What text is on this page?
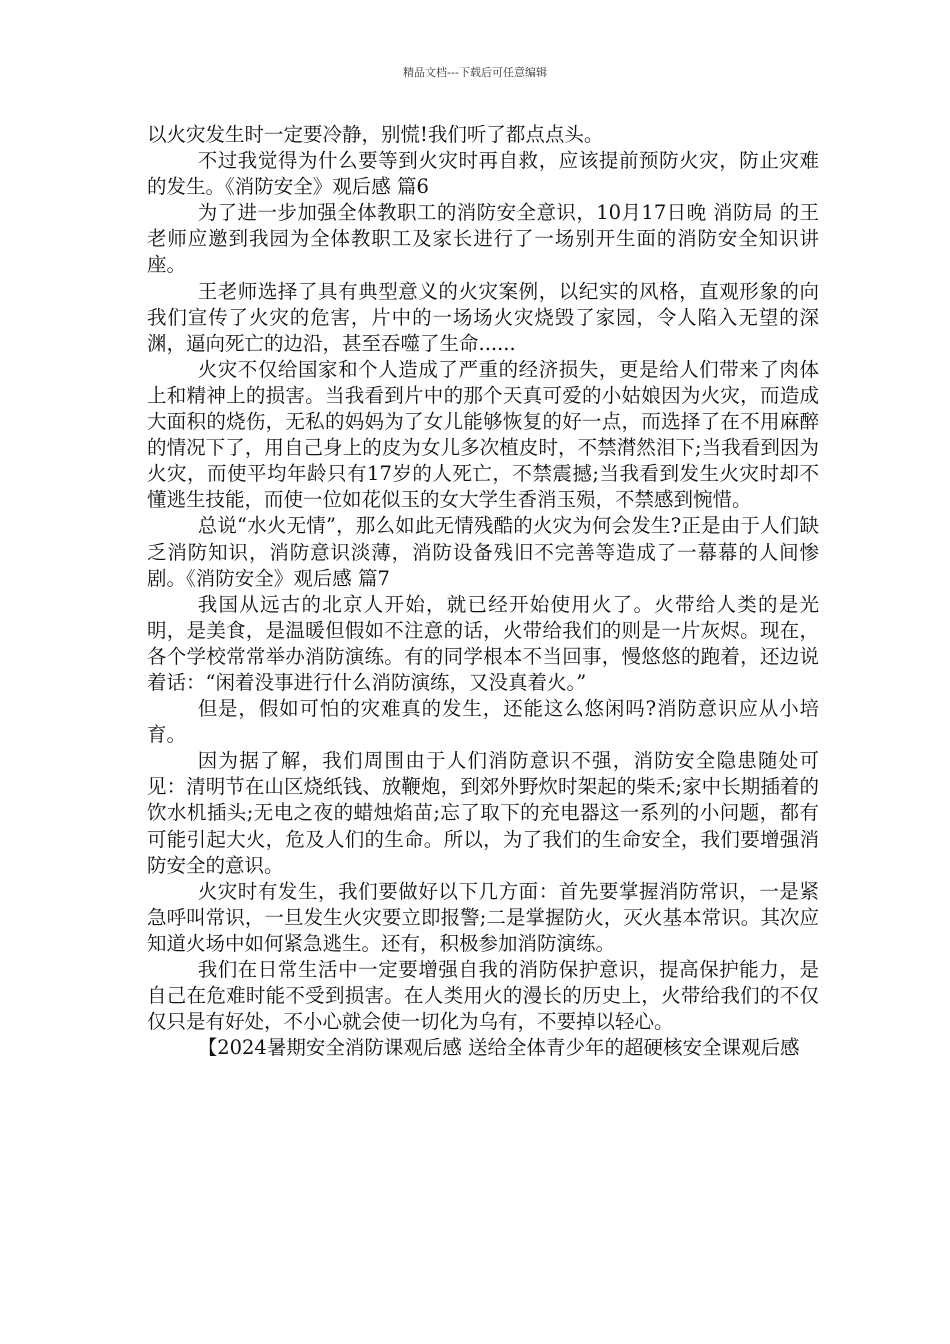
精品文档---下载后可任意编辑

以火灾发生时一定要冷静，别慌!我们听了都点点头。

不过我觉得为什么要等到火灾时再自救，应该提前预防火灾，防止灾难的发生。《消防安全》观后感 篇6

为了进一步加强全体教职工的消防安全意识，10月17日晚 消防局 的王老师应邀到我园为全体教职工及家长进行了一场别开生面的消防安全知识讲座。

王老师选择了具有典型意义的火灾案例，以纪实的风格，直观形象的向我们宣传了火灾的危害，片中的一场场火灾烧毁了家园，令人陷入无望的深渊，逼向死亡的边沿，甚至吞噬了生命......

火灾不仅给国家和个人造成了严重的经济损失，更是给人们带来了肉体上和精神上的损害。当我看到片中的那个天真可爱的小姑娘因为火灾，而造成大面积的烧伤，无私的妈妈为了女儿能够恢复的好一点，而选择了在不用麻醉的情况下了，用自己身上的皮为女儿多次植皮时，不禁潸然泪下;当我看到因为火灾，而使平均年龄只有17岁的人死亡，不禁震撼;当我看到发生火灾时却不懂逃生技能，而使一位如花似玉的女大学生香消玉殒，不禁感到惋惜。

总说“水火无情”，那么如此无情残酷的火灾为何会发生?正是由于人们缺乏消防知识，消防意识淡薄，消防设备残旧不完善等造成了一幕幕的人间惨剧。《消防安全》观后感 篇7

我国从远古的北京人开始，就已经开始使用火了。火带给人类的是光明，是美食，是温暖但假如不注意的话，火带给我们的则是一片灰烬。现在，各个学校常常举办消防演练。有的同学根本不当回事，慢悠悠的跑着，还边说着话：“闲着没事进行什么消防演练，又没真着火。”

但是，假如可怕的灾难真的发生，还能这么悠闲吗?消防意识应从小培育。

因为据了解，我们周围由于人们消防意识不强，消防安全隐患随处可见：清明节在山区烧纸钱、放鞭炮，到郊外野炊时架起的柴禾;家中长期插着的饮水机插头;无电之夜的蜡烛焰苗;忘了取下的充电器这一系列的小问题，都有可能引起大火，危及人们的生命。所以，为了我们的生命安全，我们要增强消防安全的意识。

火灾时有发生，我们要做好以下几方面：首先要掌握消防常识，一是紧急呼叫常识，一旦发生火灾要立即报警;二是掌握防火，灭火基本常识。其次应知道火场中如何紧急逃生。还有，积极参加消防演练。

我们在日常生活中一定要增强自我的消防保护意识，提高保护能力，是自己在危难时能不受到损害。在人类用火的漫长的历史上，火带给我们的不仅仅只是有好处，不小心就会使一切化为乌有，不要掉以轻心。

【2024暑期安全消防课观后感 送给全体青少年的超硬核安全课观后感
